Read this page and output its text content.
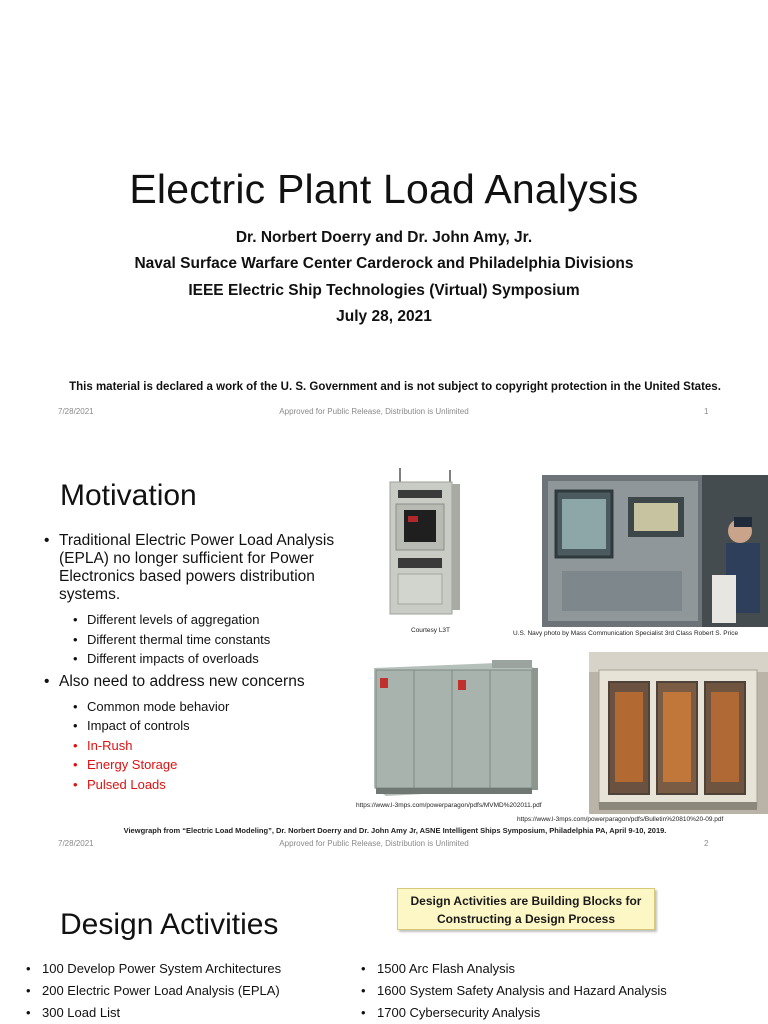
Electric Plant Load Analysis
Dr. Norbert Doerry and Dr. John Amy, Jr.
Naval Surface Warfare Center Carderock and Philadelphia Divisions
IEEE Electric Ship Technologies (Virtual) Symposium
July 28, 2021
This material is declared a work of the U. S. Government and is not subject to copyright protection in the United States.
7/28/2021	Approved for Public Release, Distribution is Unlimited	1
Motivation
• Traditional Electric Power Load Analysis (EPLA) no longer sufficient for Power Electronics based powers distribution systems.
• Different levels of aggregation
• Different thermal time constants
• Different impacts of overloads
• Also need to address new concerns
• Common mode behavior
• Impact of controls
• In-Rush
• Energy Storage
• Pulsed Loads
Courtesy L3T	U.S. Navy photo by Mass Communication Specialist 3rd Class Robert S. Price
https://www.l-3mps.com/powerparagon/pdfs/MVMD%202011.pdf
https://www.l-3mps.com/powerparagon/pdfs/Bulletin%20810%20-09.pdf
Viewgraph from “Electric Load Modeling”, Dr. Norbert Doerry and Dr. John Amy Jr, ASNE Intelligent Ships Symposium, Philadelphia PA, April 9-10, 2019.
7/28/2021	Approved for Public Release, Distribution is Unlimited	2
Design Activities are Building Blocks for
Constructing a Design Process
Design Activities
• 100 Develop Power System Architectures
• 200 Electric Power Load Analysis (EPLA)
• 300 Load List
• 1500 Arc Flash Analysis
• 1600 System Safety Analysis and Hazard Analysis
• 1700 Cybersecurity Analysis
